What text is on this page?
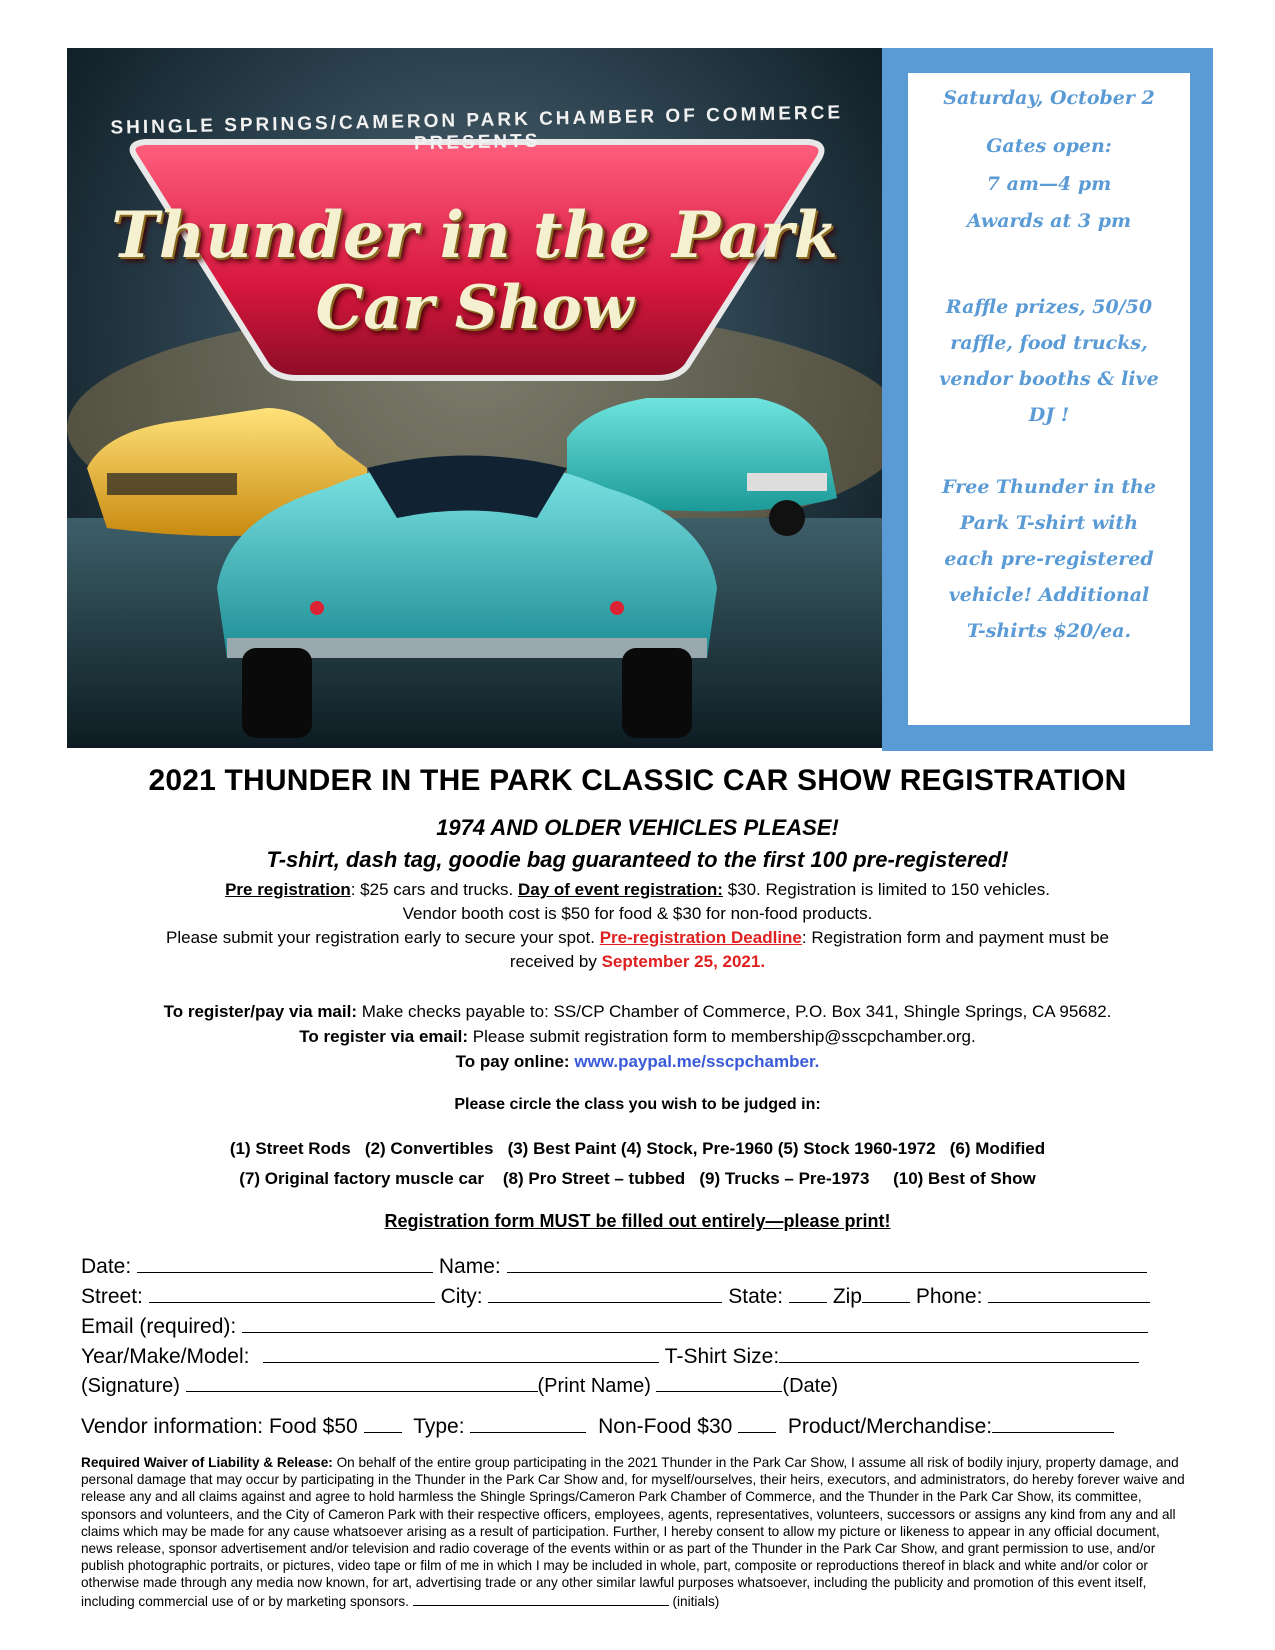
SHINGLE SPRINGS/CAMERON PARK CHAMBER OF COMMERCE PRESENTS
Thunder in the Park
Car Show
Saturday, October 2
Gates open:
7 am—4 pm
Awards at 3 pm
Raffle prizes, 50/50
raffle, food trucks,
vendor booths & live
DJ !
Free Thunder in the
Park T-shirt with
each pre-registered
vehicle! Additional
T-shirts $20/ea.
2021 THUNDER IN THE PARK CLASSIC CAR SHOW REGISTRATION
1974 AND OLDER VEHICLES PLEASE!
T-shirt, dash tag, goodie bag guaranteed to the first 100 pre-registered!
Pre registration: $25 cars and trucks. Day of event registration: $30. Registration is limited to 150 vehicles.
Vendor booth cost is $50 for food & $30 for non-food products.
Please submit your registration early to secure your spot. Pre-registration Deadline: Registration form and payment must be
received by September 25, 2021.
To register/pay via mail: Make checks payable to: SS/CP Chamber of Commerce, P.O. Box 341, Shingle Springs, CA 95682.
To register via email: Please submit registration form to membership@sscpchamber.org.
To pay online: www.paypal.me/sscpchamber.
Please circle the class you wish to be judged in:
(1) Street Rods   (2) Convertibles   (3) Best Paint (4) Stock, Pre-1960 (5) Stock 1960-1972   (6) Modified
(7) Original factory muscle car    (8) Pro Street – tubbed   (9) Trucks – Pre-1973     (10) Best of Show
Registration form MUST be filled out entirely—please print!
Date:	Name:
Street:	City:	State: Zip	Phone:
Email (required):
Year/Make/Model:	T-Shirt Size:
(Signature)	(Print Name)	(Date)
Vendor information: Food $50	Type:	Non-Food $30	Product/Merchandise:
Required Waiver of Liability & Release: On behalf of the entire group participating in the 2021 Thunder in the Park Car Show, I assume all risk of bodily injury, property damage, and personal damage that may occur by participating in the Thunder in the Park Car Show and, for myself/ourselves, their heirs, executors, and administrators, do hereby forever waive and release any and all claims against and agree to hold harmless the Shingle Springs/Cameron Park Chamber of Commerce, and the Thunder in the Park Car Show, its committee, sponsors and volunteers, and the City of Cameron Park with their respective officers, employees, agents, representatives, volunteers, successors or assigns any kind from any and all claims which may be made for any cause whatsoever arising as a result of participation. Further, I hereby consent to allow my picture or likeness to appear in any official document, news release, sponsor advertisement and/or television and radio coverage of the events within or as part of the Thunder in the Park Car Show, and grant permission to use, and/or publish photographic portraits, or pictures, video tape or film of me in which I may be included in whole, part, composite or reproductions thereof in black and white and/or color or otherwise made through any media now known, for art, advertising trade or any other similar lawful purposes whatsoever, including the publicity and promotion of this event itself, including commercial use of or by marketing sponsors.	(initials)
